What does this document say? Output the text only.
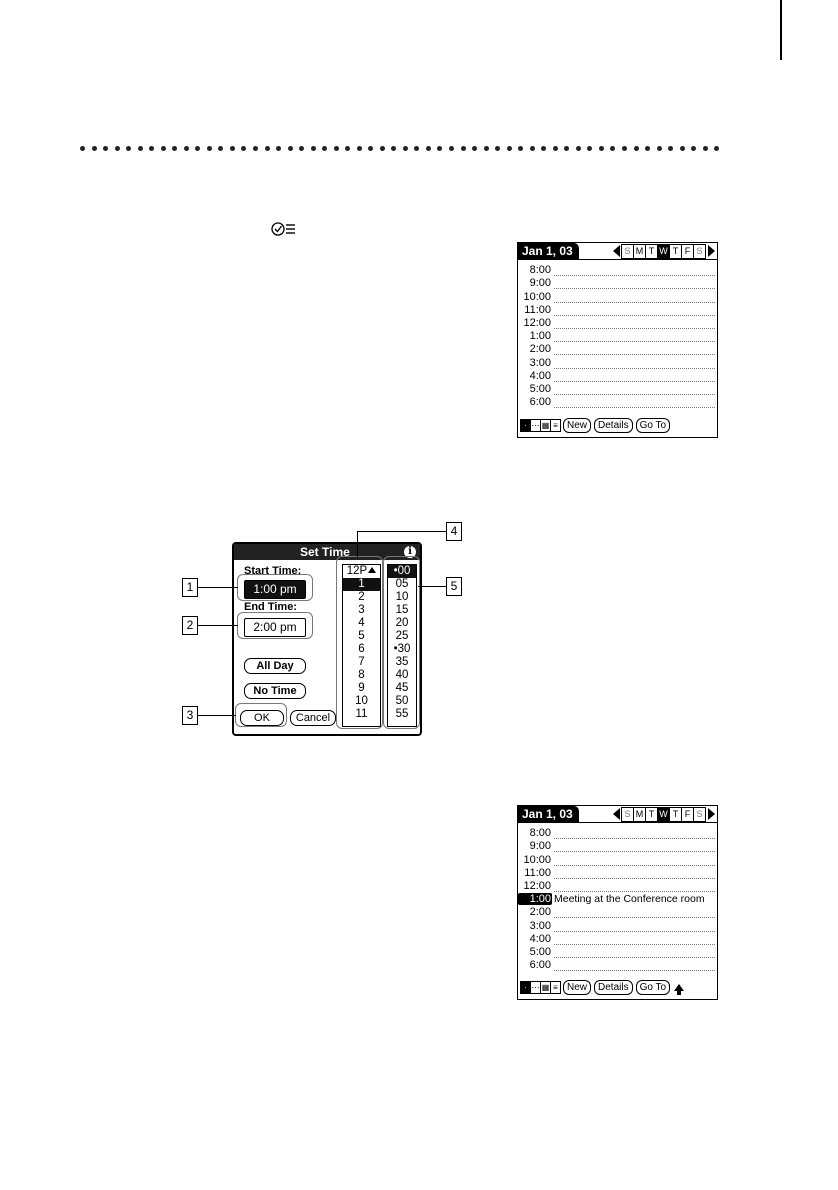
Jan 1, 03	S M T W T F S
8:00
9:00
10:00
11:00
12:00
1:00
2:00
3:00
4:00
5:00
6:00
· ⋯ ▦ ≡ New	Details	Go To
Set Time	i
Start Time:
1:00 pm
End Time:
2:00 pm
All Day
No Time
OK	Cancel
12P
1
2
3
4
5
6
7
8
9
10
11
•00
05
10
15
20
25
•30
35
40
45
50
55
1
2
3
4
5
Jan 1, 03	S M T W T F S
8:00
9:00
10:00
11:00
12:00
1:00 Meeting at the Conference room
2:00
3:00
4:00
5:00
6:00
· ⋯ ▦ ≡ New	Details	Go To
